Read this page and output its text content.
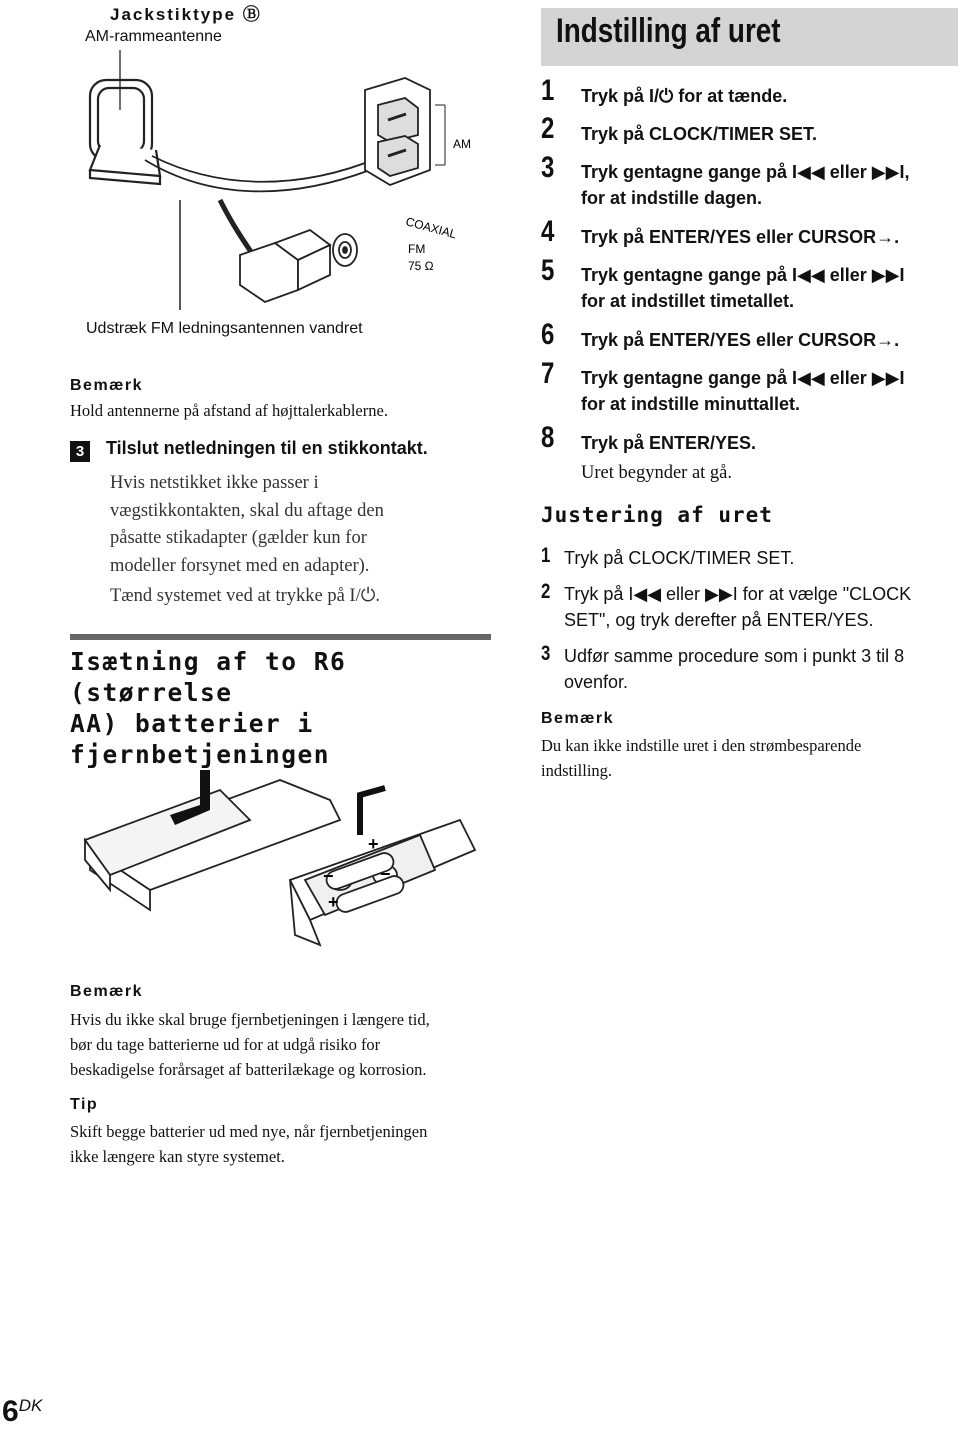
Jackstiktype Ⓑ
AM-rammeantenne
AM
COAXIAL
FM
75 Ω
Udstræk FM ledningsantennen vandret
Bemærk
Hold antennerne på afstand af højttalerkablerne.
3 Tilslut netledningen til en stikkontakt.
Hvis netstikket ikke passer i
vægstikkontakten, skal du aftage den
påsatte stikadapter (gælder kun for
modeller forsynet med en adapter).
Tænd systemet ved at trykke på I/⏻.
Isætning af to R6 (størrelse
AA) batterier i
fjernbetjeningen
+
−	−
+
Bemærk
Hvis du ikke skal bruge fjernbetjeningen i længere tid,
bør du tage batterierne ud for at udgå risiko for
beskadigelse forårsaget af batterilækage og korrosion.
Tip
Skift begge batterier ud med nye, når fjernbetjeningen
ikke længere kan styre systemet.
Indstilling af uret
1 Tryk på I/⏻ for at tænde.
2 Tryk på CLOCK/TIMER SET.
3 Tryk gentagne gange på I◀◀ eller ▶▶I,
for at indstille dagen.
4 Tryk på ENTER/YES eller CURSOR→.
5 Tryk gentagne gange på I◀◀ eller ▶▶I
for at indstillet timetallet.
6 Tryk på ENTER/YES eller CURSOR→.
7 Tryk gentagne gange på I◀◀ eller ▶▶I
for at indstille minuttallet.
8 Tryk på ENTER/YES.
Uret begynder at gå.
Justering af uret
1 Tryk på CLOCK/TIMER SET.
2 Tryk på I◀◀ eller ▶▶I for at vælge "CLOCK
SET", og tryk derefter på ENTER/YES.
3 Udfør samme procedure som i punkt 3 til 8
ovenfor.
Bemærk
Du kan ikke indstille uret i den strømbesparende
indstilling.
$6^{DK}$
